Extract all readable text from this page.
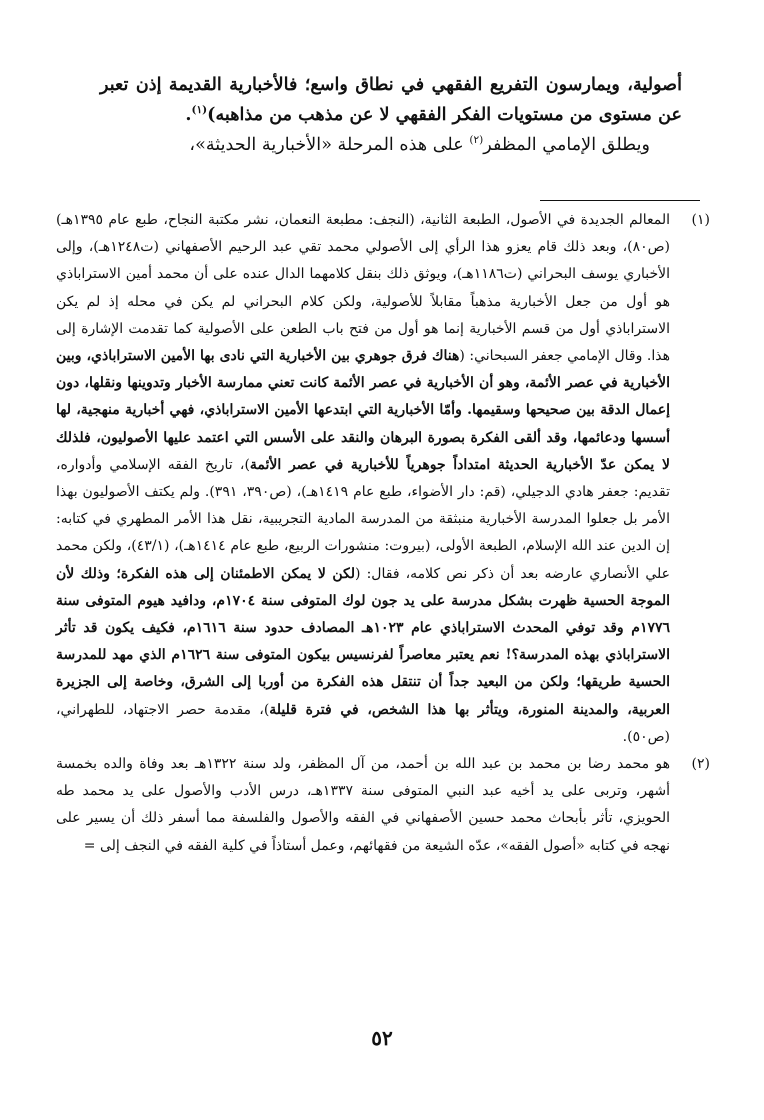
أصولية، ويمارسون التفريع الفقهي في نطاق واسع؛ فالأخبارية القديمة إذن تعبر عن مستوى من مستويات الفكر الفقهي لا عن مذهب من مذاهبه)$^{(١)}$.

ويطلق الإمامي المظفر$^{(٢)}$ على هذه المرحلة «الأخبارية الحديثة»،

(١)
المعالم الجديدة في الأصول، الطبعة الثانية، (النجف: مطبعة النعمان، نشر مكتبة النجاح، طبع عام ١٣٩٥هـ) (ص٨٠)، وبعد ذلك قام يعزو هذا الرأي إلى الأصولي محمد تقي عبد الرحيم الأصفهاني (ت١٢٤٨هـ)، وإلى الأخباري يوسف البحراني (ت١١٨٦هـ)، ويوثق ذلك بنقل كلامهما الدال عنده على أن محمد أمين الاستراباذي هو أول من جعل الأخبارية مذهباً مقابلاً للأصولية، ولكن كلام البحراني لم يكن في محله إذ لم يكن الاستراباذي أول من قسم الأخبارية إنما هو أول من فتح باب الطعن على الأصولية كما تقدمت الإشارة إلى هذا. وقال الإمامي جعفر السبحاني: (هناك فرق جوهري بين الأخبارية التي نادى بها الأمين الاستراباذي، وبين الأخبارية في عصر الأئمة، وهو أن الأخبارية في عصر الأئمة كانت تعني ممارسة الأخبار وتدوينها ونقلها، دون إعمال الدقة بين صحيحها وسقيمها. وأمّا الأخبارية التي ابتدعها الأمين الاستراباذي، فهي أخبارية منهجية، لها أسسها ودعائمها، وقد ألقى الفكرة بصورة البرهان والنقد على الأسس التي اعتمد عليها الأصوليون، فلذلك لا يمكن عدّ الأخبارية الحديثة امتداداً جوهرياً للأخبارية في عصر الأئمة)، تاريخ الفقه الإسلامي وأدواره، تقديم: جعفر هادي الدجيلي، (قم: دار الأضواء، طبع عام ١٤١٩هـ)، (ص٣٩٠، ٣٩١). ولم يكتف الأصوليون بهذا الأمر بل جعلوا المدرسة الأخبارية منبثقة من المدرسة المادية التجريبية، نقل هذا الأمر المطهري في كتابه: إن الدين عند الله الإسلام، الطبعة الأولى، (بيروت: منشورات الربيع، طبع عام ١٤١٤هـ)، (٤٣/١)، ولكن محمد علي الأنصاري عارضه بعد أن ذكر نص كلامه، فقال: (لكن لا يمكن الاطمئنان إلى هذه الفكرة؛ وذلك لأن الموجة الحسية ظهرت بشكل مدرسة على يد جون لوك المتوفى سنة ١٧٠٤م، ودافيد هيوم المتوفى سنة ١٧٧٦م وقد توفي المحدث الاستراباذي عام ١٠٢٣هـ المصادف حدود سنة ١٦١٦م، فكيف يكون قد تأثر الاستراباذي بهذه المدرسة؟! نعم يعتبر معاصراً لفرنسيس بيكون المتوفى سنة ١٦٢٦م الذي مهد للمدرسة الحسية طريقها؛ ولكن من البعيد جداً أن تنتقل هذه الفكرة من أوربا إلى الشرق، وخاصة إلى الجزيرة العربية، والمدينة المنورة، ويتأثر بها هذا الشخص، في فترة قليلة)، مقدمة حصر الاجتهاد، للطهراني، (ص٥٠).
(٢)
هو محمد رضا بن محمد بن عبد الله بن أحمد، من آل المظفر، ولد سنة ١٣٢٢هـ بعد وفاة والده بخمسة أشهر، وتربى على يد أخيه عبد النبي المتوفى سنة ١٣٣٧هـ، درس الأدب والأصول على يد محمد طه الحويزي، تأثر بأبحاث محمد حسين الأصفهاني في الفقه والأصول والفلسفة مما أسفر ذلك أن يسير على نهجه في كتابه «أصول الفقه»، عدّه الشيعة من فقهائهم، وعمل أستاذاً في كلية الفقه في النجف إلى =
٥٢
